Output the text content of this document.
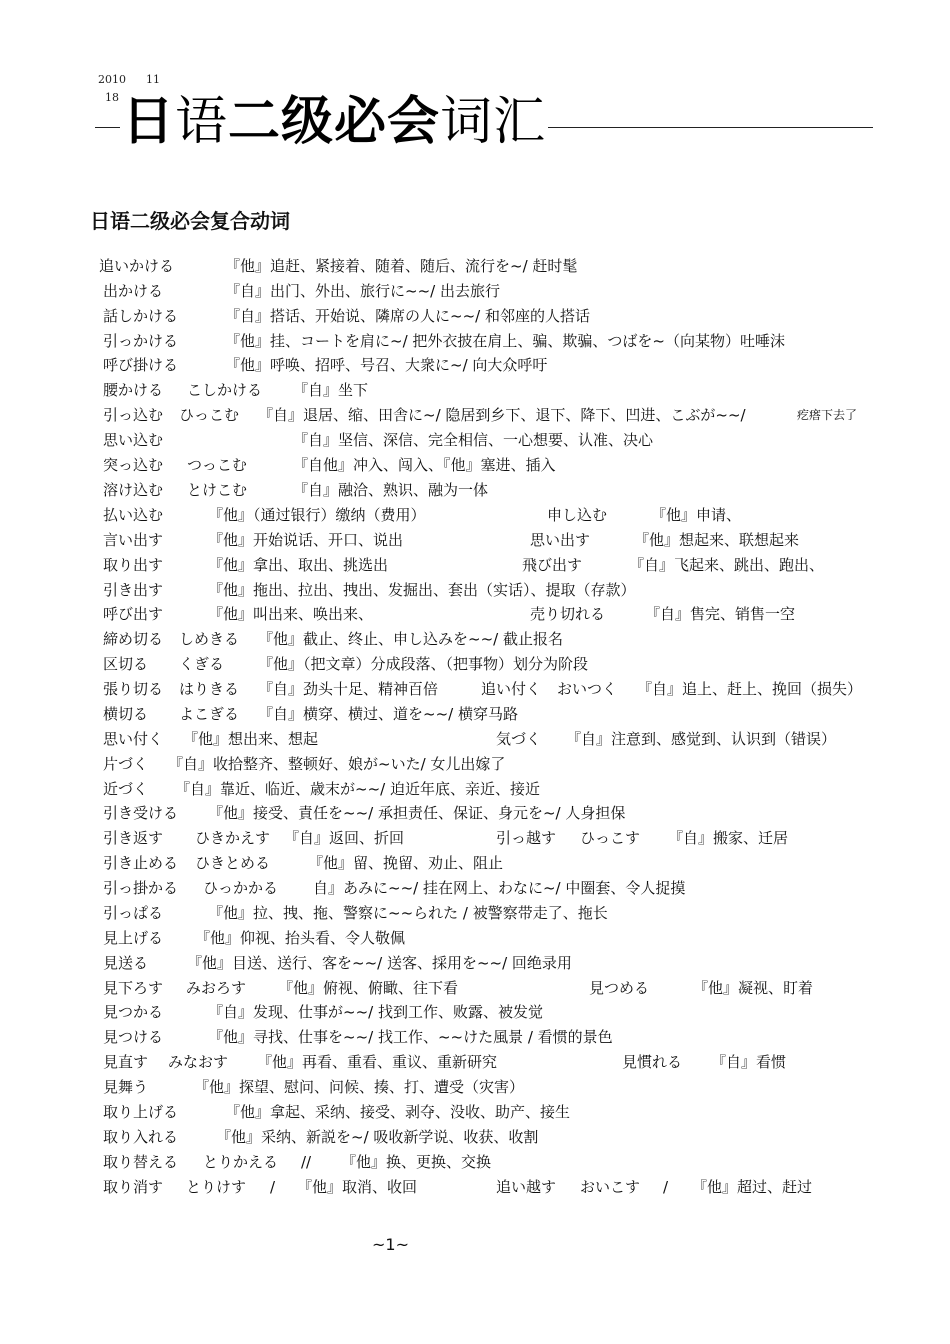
2010 11
18 日语二级必会词汇
日语二级必会复合动词
追いかける	『他』追赶、紧接着、随着、随后、流行を~/ 赶时髦
出かける	『自』出门、外出、旅行に~~/ 出去旅行
話しかける	『自』搭话、开始说、隣席の人に~~/ 和邻座的人搭话
引っかける	『他』挂、コートを肩に~/ 把外衣披在肩上、骗、欺骗、つばを~（向某物）吐唾沫
呼び掛ける	『他』呼唤、招呼、号召、大衆に~/ 向大众呼吁
腰かける こしかける 『自』坐下
引っ込む ひっこむ 『自』退居、缩、田舎に~/ 隐居到乡下、退下、降下、凹进、こぶが~~/	疙瘩下去了
思い込む	『自』坚信、深信、完全相信、一心想要、认准、决心
突っ込む つっこむ	『自他』冲入、闯入、『他』塞进、插入
溶け込む とけこむ	『自』融洽、熟识、融为一体
払い込む	『他』（通过银行）缴纳（费用）	申し込む	『他』申请、
言い出す	『他』开始说话、开口、说出	思い出す	『他』想起来、联想起来
取り出す	『他』拿出、取出、挑选出	飛び出す	『自』飞起来、跳出、跑出、
引き出す	『他』拖出、拉出、拽出、发掘出、套出（实话）、提取（存款）
呼び出す	『他』叫出来、唤出来、	売り切れる	『自』售完、销售一空
締め切る しめきる 『他』截止、终止、申し込みを~~/ 截止报名
区切る くぎる 『他』（把文章）分成段落、（把事物）划分为阶段
張り切る はりきる 『自』劲头十足、精神百倍	追い付く おいつく 『自』追上、赶上、挽回（损失）
横切る よこぎる 『自』横穿、横过、道を~~/ 横穿马路
思い付く 『他』想出来、想起	気づく 『自』注意到、感觉到、认识到（错误）
片づく 『自』收拾整齐、整顿好、娘が~いた/ 女儿出嫁了
近づく 『自』靠近、临近、歳末が~~/ 迫近年底、亲近、接近
引き受ける 『他』接受、責任を~~/ 承担责任、保证、身元を~/ 人身担保
引き返す ひきかえす 『自』返回、折回	引っ越す ひっこす 『自』搬家、迁居
引き止める ひきとめる	『他』留、挽留、劝止、阻止
引っ掛かる ひっかかる 自』あみに~~/ 挂在网上、わなに~/ 中圈套、令人捉摸
引っぱる	『他』拉、拽、拖、警察に~~られた / 被警察带走了、拖长
見上げる 『他』仰视、抬头看、令人敬佩
見送る	『他』目送、送行、客を~~/ 送客、採用を~~/ 回绝录用
見下ろす みおろす 『他』俯视、俯瞰、往下看	見つめる	『他』凝视、盯着
見つかる	『自』发现、仕事が~~/ 找到工作、败露、被发觉
見つける	『他』寻找、仕事を~~/ 找工作、~~けた風景 / 看惯的景色
見直す みなおす 『他』再看、重看、重议、重新研究	見慣れる 『自』看惯
見舞う	『他』探望、慰问、问候、揍、打、遭受（灾害）
取り上げる	『他』拿起、采纳、接受、剥夺、没收、助产、接生
取り入れる	『他』采纳、新説を~/ 吸收新学说、收获、收割
取り替える とりかえる // 『他』换、更换、交换
取り消す とりけす / 『他』取消、收回	追い越す おいこす / 『他』超过、赶过
~1~
